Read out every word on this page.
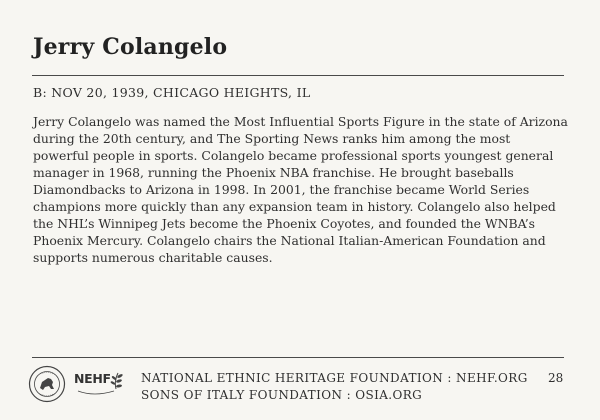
Jerry Colangelo
B: NOV 20, 1939, CHICAGO HEIGHTS, IL

Jerry Colangelo was named the Most Influential Sports Figure in the state of Arizona during the 20th century, and The Sporting News ranks him among the most powerful people in sports. Colangelo became professional sports youngest general manager in 1968, running the Phoenix NBA franchise. He brought baseballs Diamondbacks to Arizona in 1998. In 2001, the franchise became World Series champions more quickly than any expansion team in history. Colangelo also helped the NHL’s Winnipeg Jets become the Phoenix Coyotes, and founded the WNBA’s Phoenix Mercury. Colangelo chairs the National Italian-American Foundation and supports numerous charitable causes.

NEHF	NATIONAL ETHNIC HERITAGE FOUNDATION : NEHF.ORG
SONS OF ITALY FOUNDATION : OSIA.ORG
28
